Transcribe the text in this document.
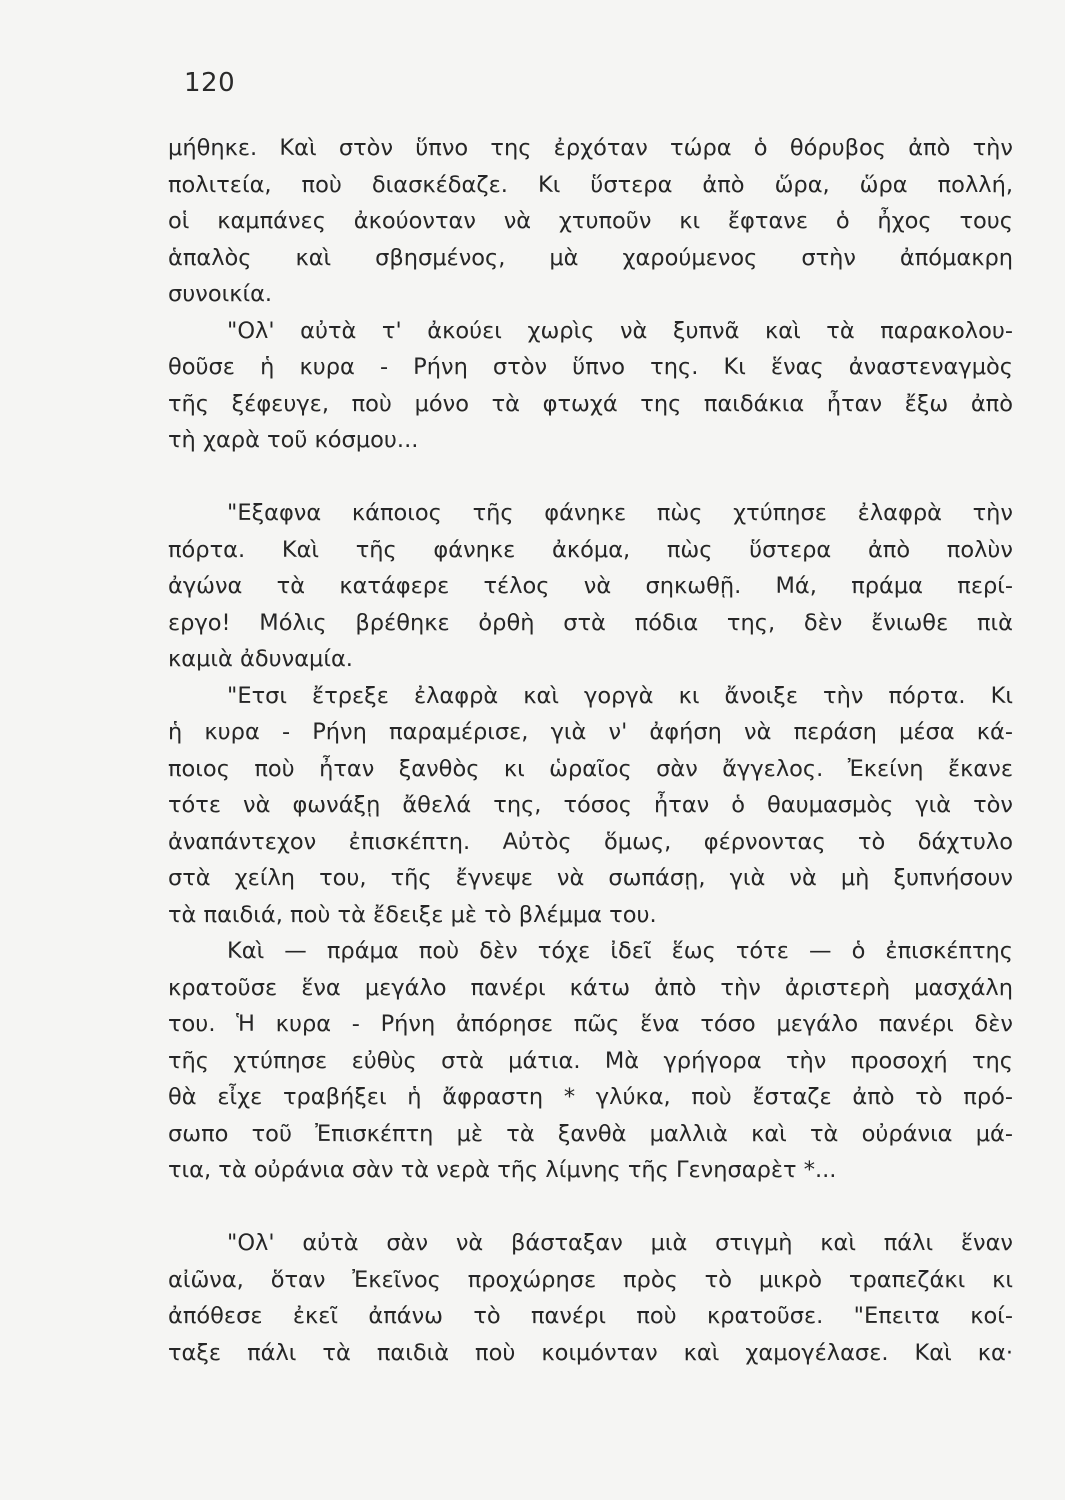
120
μήθηκε. Καὶ στὸν ὕπνο της ἐρχόταν τώρα ὁ θόρυβος ἀπὸ τὴν
πολιτεία, ποὺ διασκέδαζε. Κι ὕστερα ἀπὸ ὥρα, ὥρα πολλή,
οἱ καμπάνες ἀκούονταν νὰ χτυποῦν κι ἔφτανε ὁ ἦχος τους
ἁπαλὸς καὶ σβησμένος, μὰ χαρούμενος στὴν ἀπόμακρη
συνοικία.
"Ολ' αὐτὰ τ' ἀκούει χωρὶς νὰ ξυπνᾶ καὶ τὰ παρακολου-
θοῦσε ἡ κυρα - Ρήνη στὸν ὕπνο της. Κι ἕνας ἀναστεναγμὸς
τῆς ξέφευγε, ποὺ μόνο τὰ φτωχά της παιδάκια ἦταν ἔξω ἀπὸ
τὴ χαρὰ τοῦ κόσμου...
"Εξαφνα κάποιος τῆς φάνηκε πὼς χτύπησε ἐλαφρὰ τὴν
πόρτα. Καὶ τῆς φάνηκε ἀκόμα, πὼς ὕστερα ἀπὸ πολὺν
ἀγώνα τὰ κατάφερε τέλος νὰ σηκωθῇ. Μά, πράμα περί-
εργο! Μόλις βρέθηκε ὀρθὴ στὰ πόδια της, δὲν ἔνιωθε πιὰ
καμιὰ ἀδυναμία.
"Ετσι ἔτρεξε ἐλαφρὰ καὶ γοργὰ κι ἄνοιξε τὴν πόρτα. Κι
ἡ κυρα - Ρήνη παραμέρισε, γιὰ ν' ἀφήση νὰ περάση μέσα κά-
ποιος ποὺ ἦταν ξανθὸς κι ὡραῖος σὰν ἄγγελος. Ἐκείνη ἔκανε
τότε νὰ φωνάξῃ ἄθελά της, τόσος ἦταν ὁ θαυμασμὸς γιὰ τὸν
ἀναπάντεχον ἐπισκέπτη. Αὐτὸς ὅμως, φέρνοντας τὸ δάχτυλο
στὰ χείλη του, τῆς ἔγνεψε νὰ σωπάσῃ, γιὰ νὰ μὴ ξυπνήσουν
τὰ παιδιά, ποὺ τὰ ἔδειξε μὲ τὸ βλέμμα του.
Καὶ — πράμα ποὺ δὲν τόχε ἰδεῖ ἕως τότε — ὁ ἐπισκέπτης
κρατοῦσε ἕνα μεγάλο πανέρι κάτω ἀπὸ τὴν ἀριστερὴ μασχάλη
του. Ἡ κυρα - Ρήνη ἀπόρησε πῶς ἕνα τόσο μεγάλο πανέρι δὲν
τῆς χτύπησε εὐθὺς στὰ μάτια. Μὰ γρήγορα τὴν προσοχή της
θὰ εἶχε τραβήξει ἡ ἄφραστη * γλύκα, ποὺ ἔσταζε ἀπὸ τὸ πρό-
σωπο τοῦ Ἐπισκέπτη μὲ τὰ ξανθὰ μαλλιὰ καὶ τὰ οὐράνια μά-
τια, τὰ οὐράνια σὰν τὰ νερὰ τῆς λίμνης τῆς Γενησαρὲτ *...
"Ολ' αὐτὰ σὰν νὰ βάσταξαν μιὰ στιγμὴ καὶ πάλι ἕναν
αἰῶνα, ὅταν Ἐκεῖνος προχώρησε πρὸς τὸ μικρὸ τραπεζάκι κι
ἀπόθεσε ἐκεῖ ἀπάνω τὸ πανέρι ποὺ κρατοῦσε. "Επειτα κοί-
ταξε πάλι τὰ παιδιὰ ποὺ κοιμόνταν καὶ χαμογέλασε. Καὶ κα·
